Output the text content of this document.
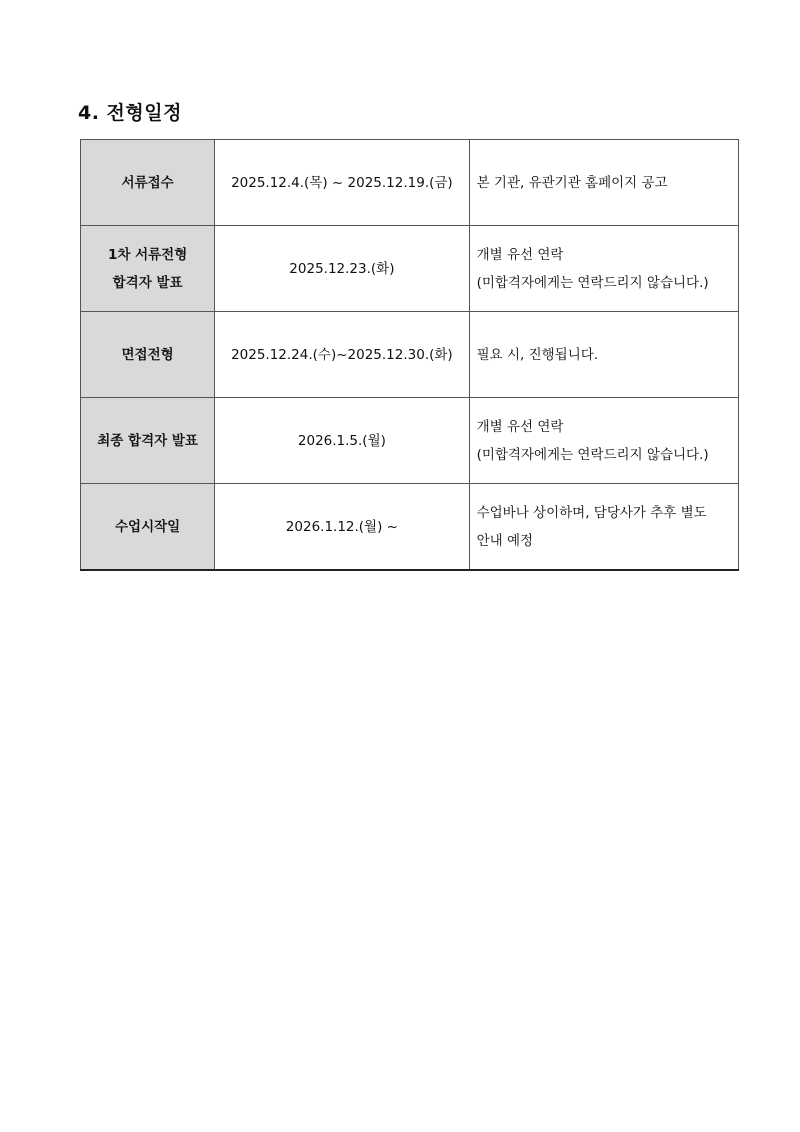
4. 전형일정
서류접수	2025.12.4.(목) ~ 2025.12.19.(금)	본 기관, 유관기관 홈페이지 공고

1차 서류전형
합격자 발표	2025.12.23.(화)	개별 유선 연락
(미합격자에게는 연락드리지 않습니다.)

면접전형	2025.12.24.(수)~2025.12.30.(화)	필요 시, 진행됩니다.

최종 합격자 발표	2026.1.5.(월)	개별 유선 연락
(미합격자에게는 연락드리지 않습니다.)

수업시작일	2026.1.12.(월) ~	수업바나 상이하며, 담당사가 추후 별도
안내 예정
